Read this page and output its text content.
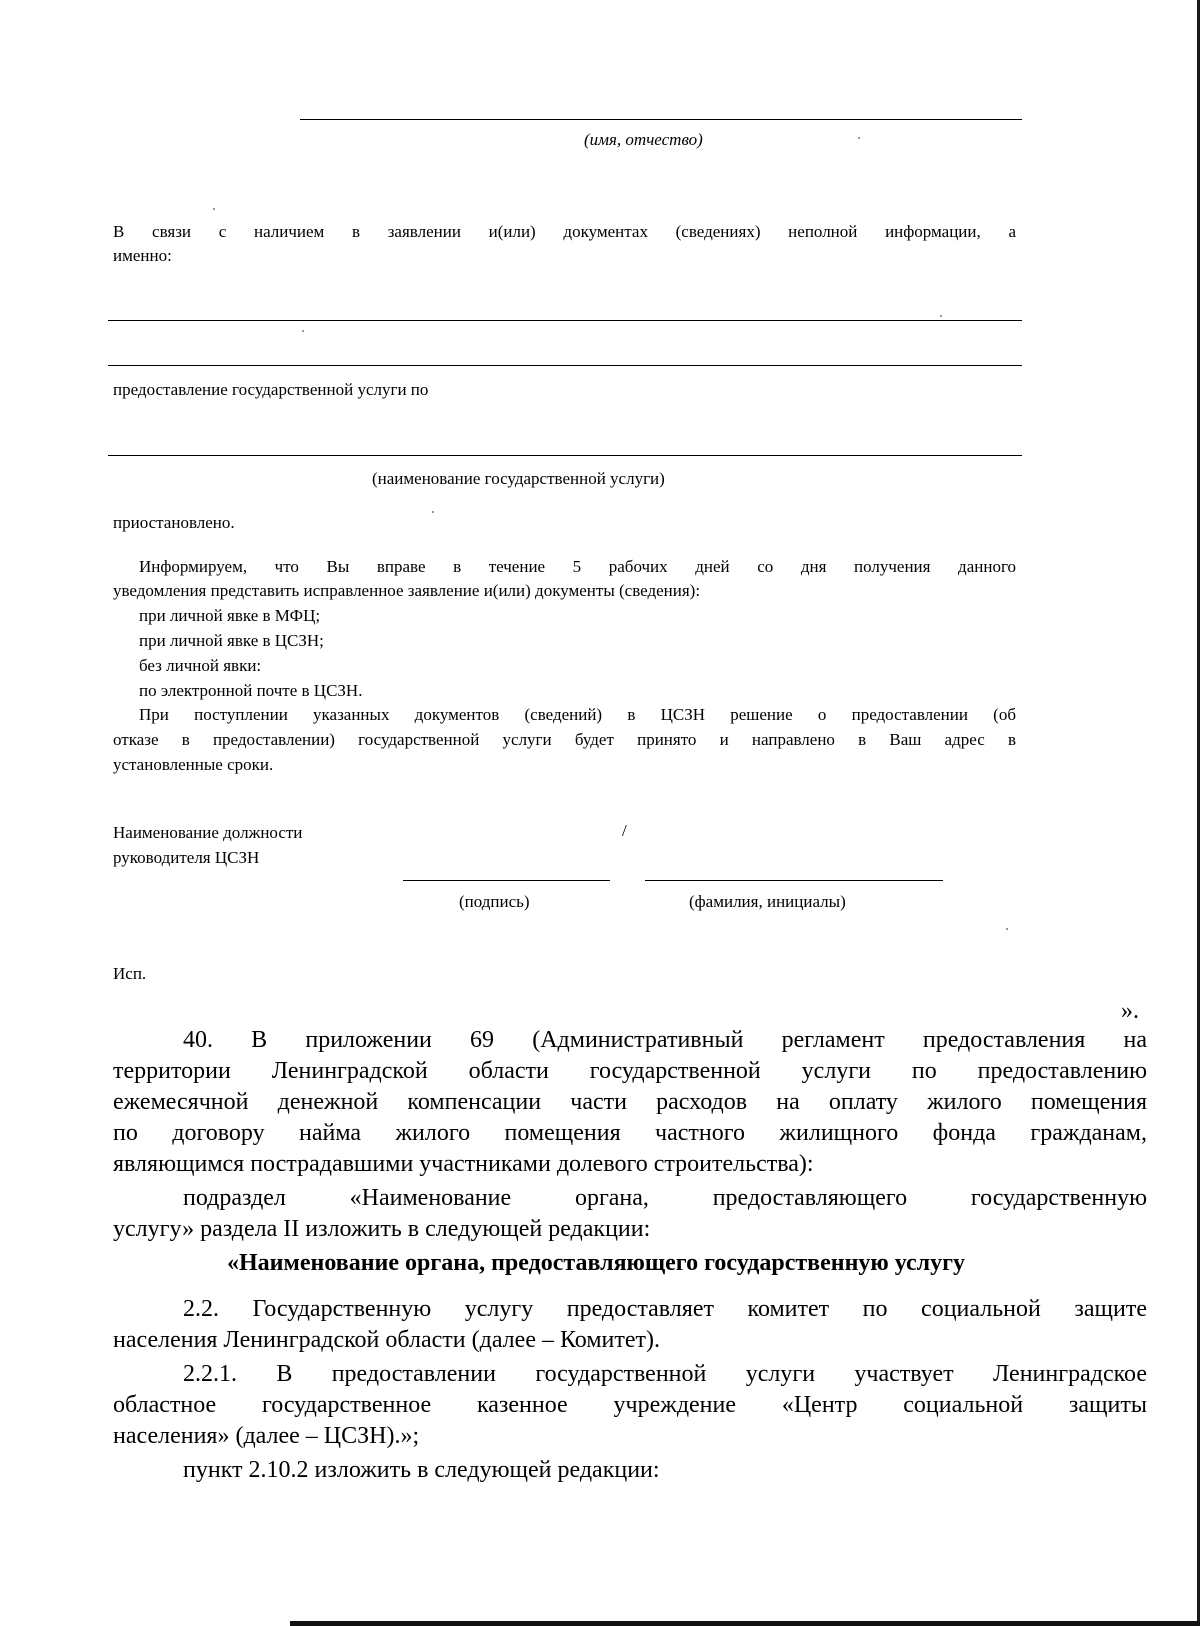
(имя, отчество)
В связи с наличием в заявлении и(или) документах (сведениях) неполной информации, а
именно:
предоставление государственной услуги по
(наименование государственной услуги)
приостановлено.
Информируем, что Вы вправе в течение 5 рабочих дней со дня получения данного
уведомления представить исправленное заявление и(или) документы (сведения):
при личной явке в МФЦ;
при личной явке в ЦСЗН;
без личной явки:
по электронной почте в ЦСЗН.
При поступлении указанных документов (сведений) в ЦСЗН решение о предоставлении (об
отказе в предоставлении) государственной услуги будет принято и направлено в Ваш адрес в
установленные сроки.
Наименование должности
руководителя ЦСЗН
/
(подпись)	(фамилия, инициалы)
Исп.
».
40. В приложении 69 (Административный регламент предоставления на
территории Ленинградской области государственной услуги по предоставлению
ежемесячной денежной компенсации части расходов на оплату жилого помещения
по договору найма жилого помещения частного жилищного фонда гражданам,
являющимся пострадавшими участниками долевого строительства):
подраздел «Наименование органа, предоставляющего государственную
услугу» раздела II изложить в следующей редакции:
«Наименование органа, предоставляющего государственную услугу
2.2. Государственную услугу предоставляет комитет по социальной защите
населения Ленинградской области (далее – Комитет).
2.2.1. В предоставлении государственной услуги участвует Ленинградское
областное государственное казенное учреждение «Центр социальной защиты
населения» (далее – ЦСЗН).»;
пункт 2.10.2 изложить в следующей редакции:
